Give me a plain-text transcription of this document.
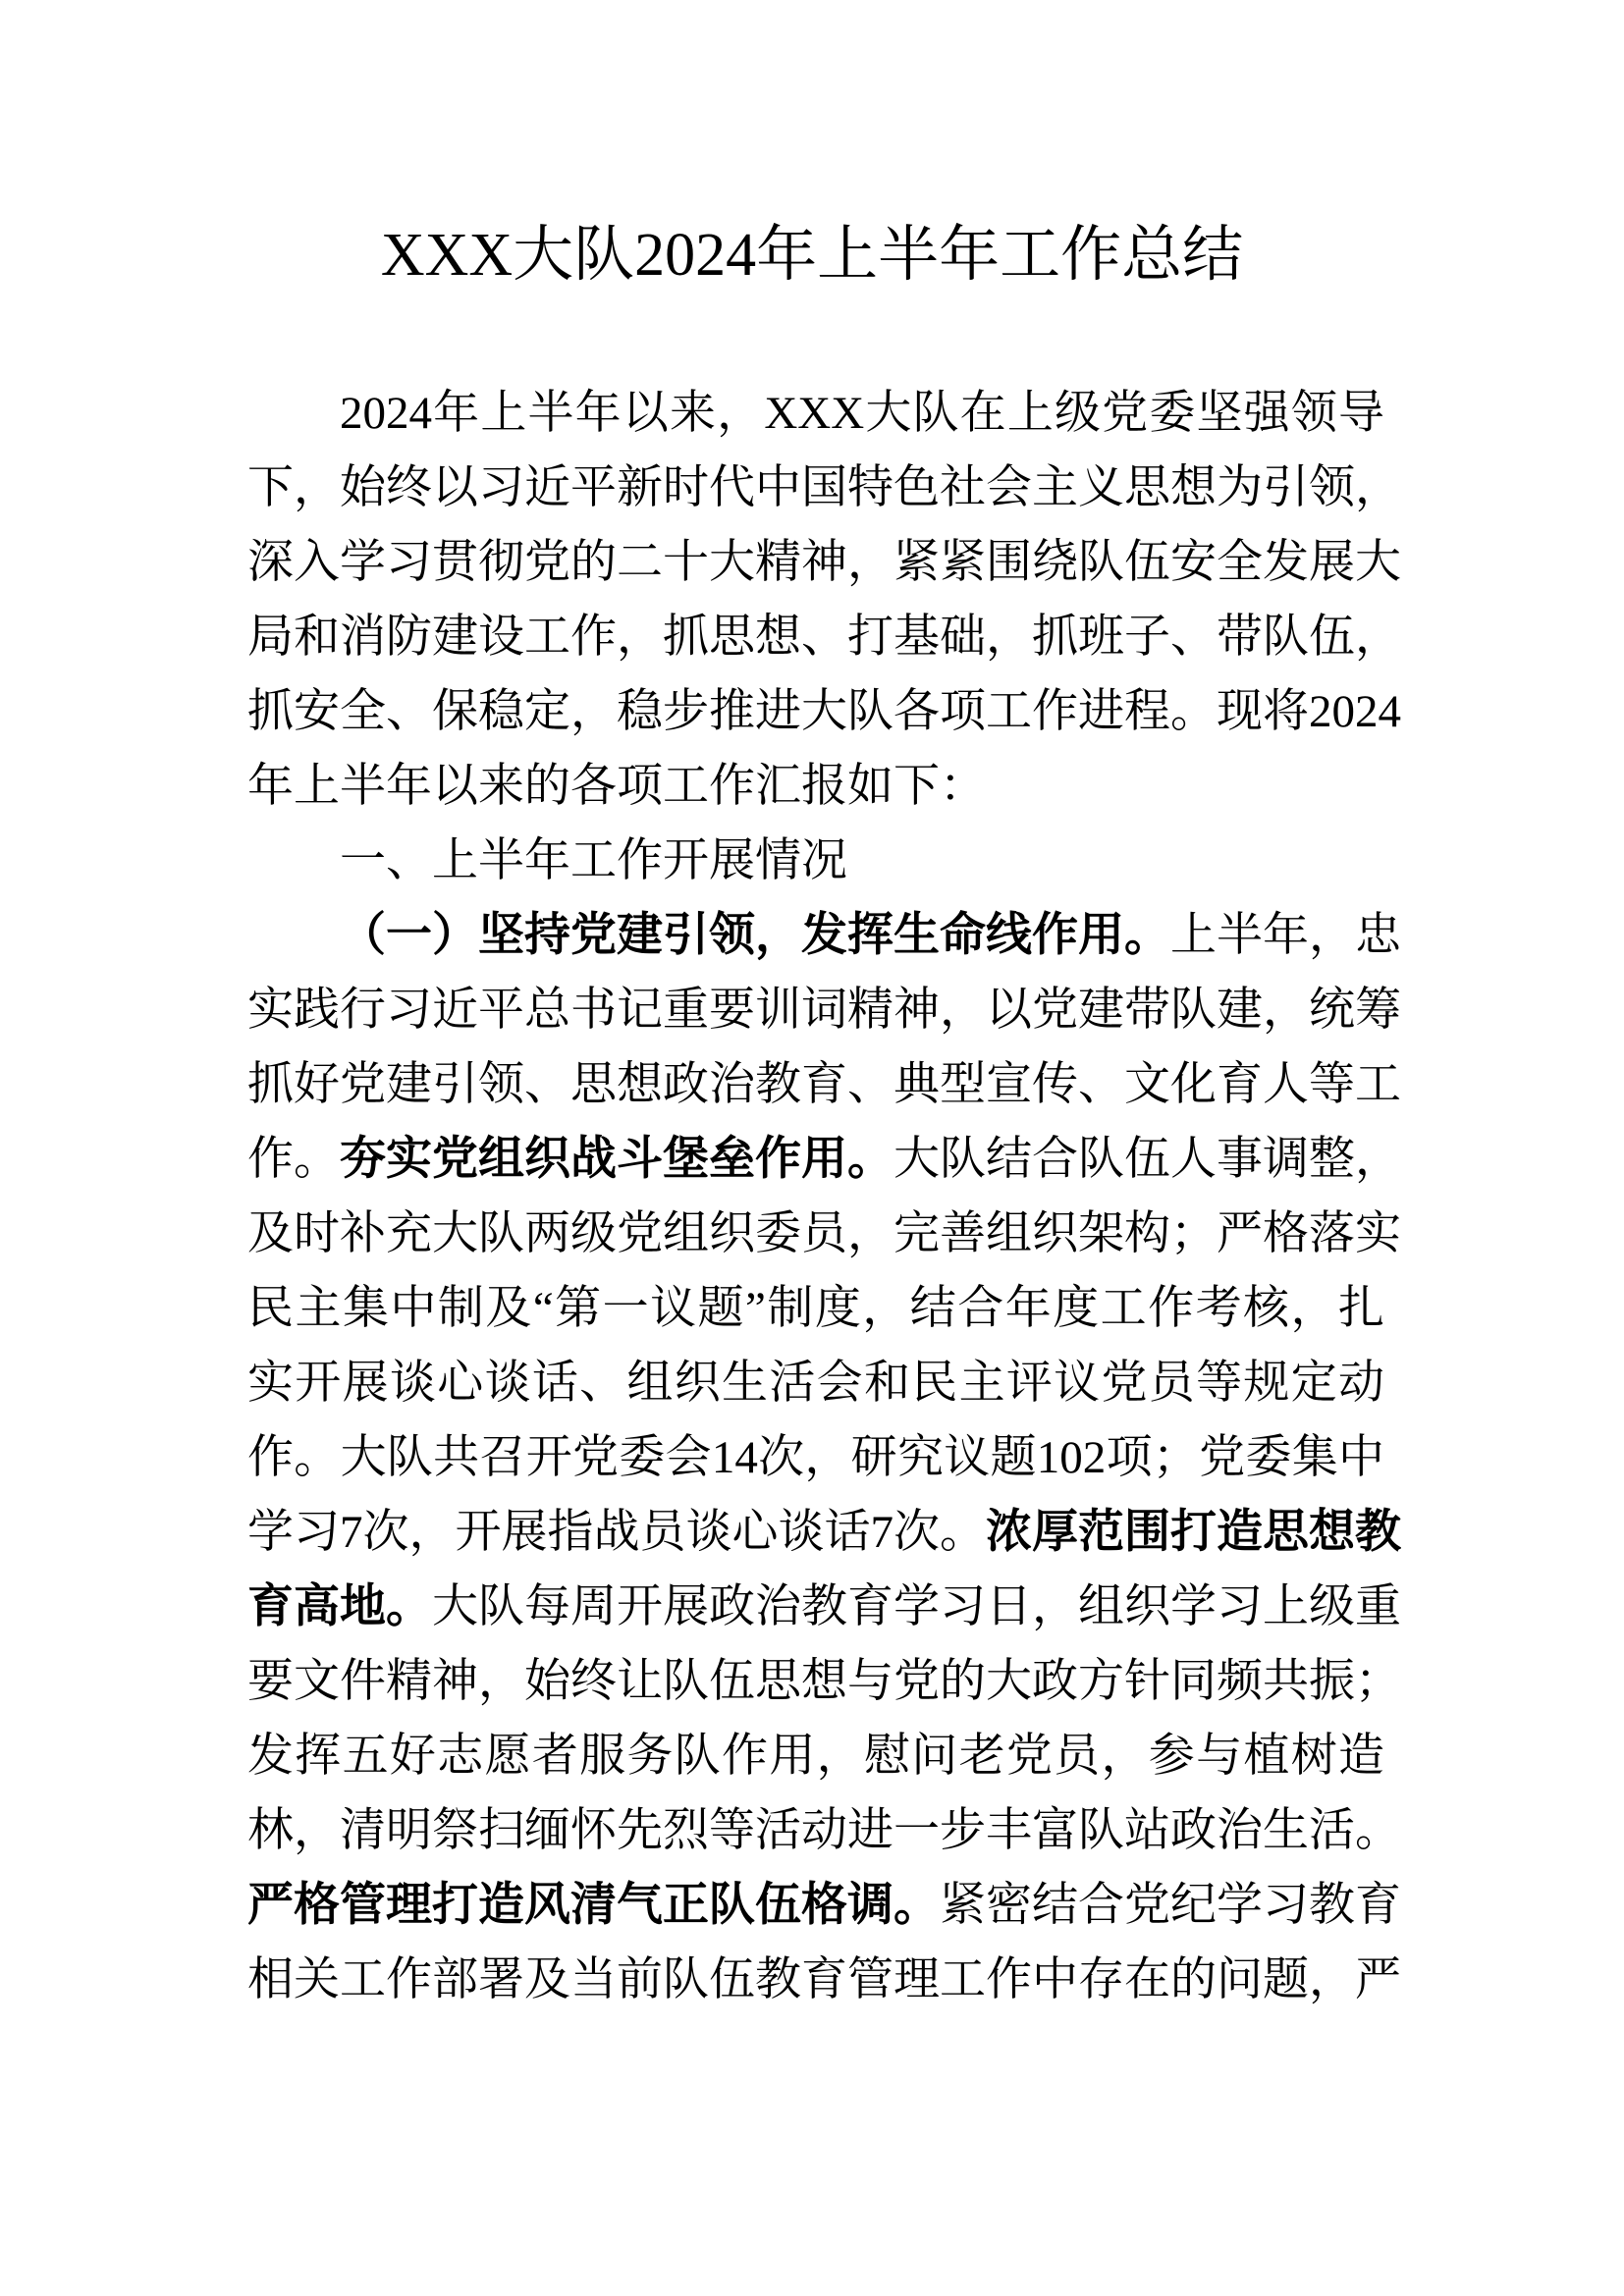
XXX大队2024年上半年工作总结
2024年上半年以来，XXX大队在上级党委坚强领导
下，始终以习近平新时代中国特色社会主义思想为引领，
深入学习贯彻党的二十大精神，紧紧围绕队伍安全发展大
局和消防建设工作，抓思想、打基础，抓班子、带队伍，
抓安全、保稳定，稳步推进大队各项工作进程。现将2024
年上半年以来的各项工作汇报如下：
一、上半年工作开展情况
（一）坚持党建引领，发挥生命线作用。上半年，忠
实践行习近平总书记重要训词精神，以党建带队建，统筹
抓好党建引领、思想政治教育、典型宣传、文化育人等工
作。夯实党组织战斗堡垒作用。大队结合队伍人事调整，
及时补充大队两级党组织委员，完善组织架构；严格落实
民主集中制及“第一议题”制度，结合年度工作考核，扎
实开展谈心谈话、组织生活会和民主评议党员等规定动
作。大队共召开党委会14次，研究议题102项；党委集中
学习7次，开展指战员谈心谈话7次。浓厚范围打造思想教
育高地。大队每周开展政治教育学习日，组织学习上级重
要文件精神，始终让队伍思想与党的大政方针同频共振；
发挥五好志愿者服务队作用，慰问老党员，参与植树造
林，清明祭扫缅怀先烈等活动进一步丰富队站政治生活。
严格管理打造风清气正队伍格调。紧密结合党纪学习教育
相关工作部署及当前队伍教育管理工作中存在的问题，严
